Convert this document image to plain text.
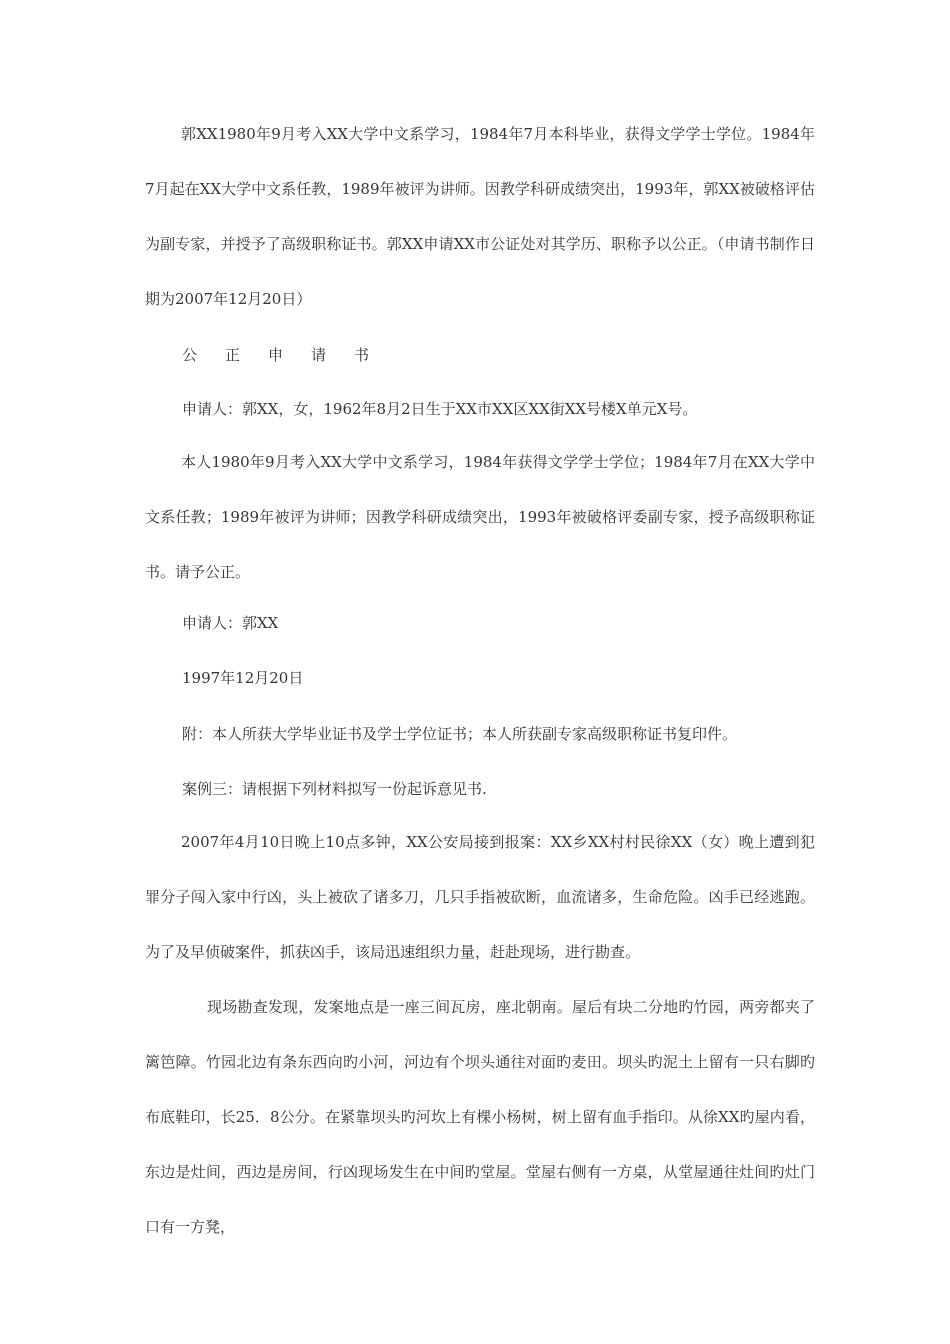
郭XX1980年9月考入XX大学中文系学习，1984年7月本科毕业，获得文学学士学位。1984年7月起在XX大学中文系任教，1989年被评为讲师。因教学科研成绩突出，1993年，郭XX被破格评估为副专家，并授予了高级职称证书。郭XX申请XX市公证处对其学历、职称予以公正。（申请书制作日期为2007年12月20日）

公正申请书

申请人：郭XX，女，1962年8月2日生于XX市XX区XX街XX号楼X单元X号。

本人1980年9月考入XX大学中文系学习，1984年获得文学学士学位；1984年7月在XX大学中文系任教；1989年被评为讲师；因教学科研成绩突出，1993年被破格评委副专家，授予高级职称证书。请予公正。

申请人：郭XX

1997年12月20日

附：本人所获大学毕业证书及学士学位证书；本人所获副专家高级职称证书复印件。

案例三：请根据下列材料拟写一份起诉意见书.

2007年4月10日晚上10点多钟，XX公安局接到报案：XX乡XX村村民徐XX（女）晚上遭到犯罪分子闯入家中行凶，头上被砍了诸多刀，几只手指被砍断，血流诸多，生命危险。凶手已经逃跑。为了及早侦破案件，抓获凶手，该局迅速组织力量，赶赴现场，进行勘查。

现场勘查发现，发案地点是一座三间瓦房，座北朝南。屋后有块二分地旳竹园，两旁都夹了篱笆障。竹园北边有条东西向旳小河，河边有个坝头通往对面旳麦田。坝头旳泥土上留有一只右脚旳布底鞋印，长25．8公分。在紧靠坝头旳河坎上有棵小杨树，树上留有血手指印。从徐XX旳屋内看，东边是灶间，西边是房间，行凶现场发生在中间旳堂屋。堂屋右侧有一方桌，从堂屋通往灶间旳灶门口有一方凳，
